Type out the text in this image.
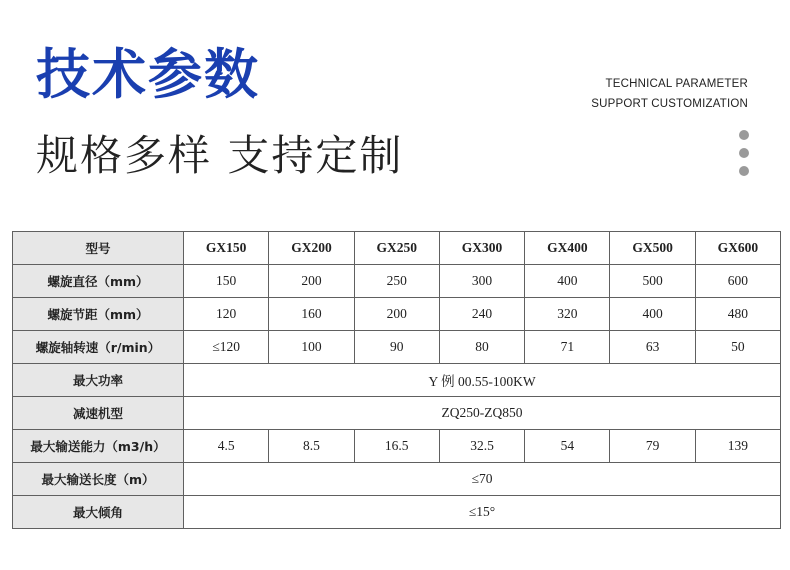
技术参数
规格多样 支持定制
TECHNICAL PARAMETER
SUPPORT CUSTOMIZATION
型号	GX150	GX200	GX250	GX300	GX400	GX500	GX600
螺旋直径（mm）	150	200	250	300	400	500	600
螺旋节距（mm）	120	160	200	240	320	400	480
螺旋轴转速（r/min）	≤120	100	90	80	71	63	50
最大功率	Y 例 00.55-100KW						
减速机型	ZQ250-ZQ850						
最大输送能力（m3/h）	4.5	8.5	16.5	32.5	54	79	139
最大输送长度（m）	≤70						
最大倾角	≤15°						
